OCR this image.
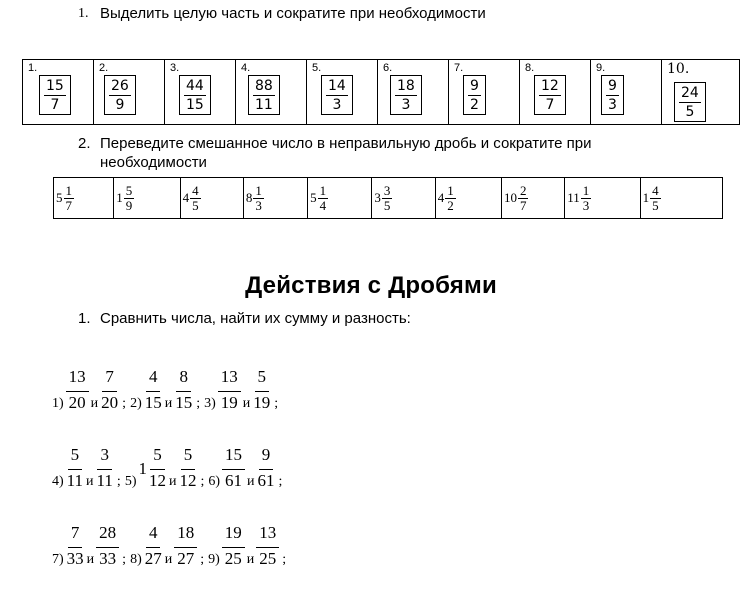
1. Выделить целую часть и сократите при необходимости
1.
$\frac{15}{7}$

2.
$\frac{26}{9}$

3.
$\frac{44}{15}$

4.
$\frac{88}{11}$

5.
$\frac{14}{3}$

6.
$\frac{18}{3}$

7.
$\frac{9}{2}$

8.
$\frac{12}{7}$

9.
$\frac{9}{3}$

10.
$\frac{24}{5}$
2. Переведите смешанное число в неправильную дробь и сократите при
необходимости
$5 \frac{1}{7}$	$1 \frac{5}{9}$	$4 \frac{4}{5}$	$8 \frac{1}{3}$	$5 \frac{1}{4}$	$3 \frac{3}{5}$	$4 \frac{1}{2}$	$10 \frac{2}{7}$	$11 \frac{1}{3}$	$1 \frac{4}{5}$
Действия с Дробями
1. Сравнить числа, найти их сумму и разность:
$1) \frac{13}{20}$ и $\frac{7}{20}$ ; $2) \frac{4}{15}$ и $\frac{8}{15}$ ; $3) \frac{13}{19}$ и $\frac{5}{19}$ ;
$4) \frac{5}{11}$ и $\frac{3}{11}$ ; 5)
$1 \frac{5}{12}$ и $\frac{5}{12}$ ; $6) \frac{15}{61}$ и $\frac{9}{61}$ ;
$7) \frac{7}{33}$ и $\frac{28}{33}$ ; $8) \frac{4}{27}$ и $\frac{18}{27}$ ; $9) \frac{19}{25}$ и $\frac{13}{25}$ ;
